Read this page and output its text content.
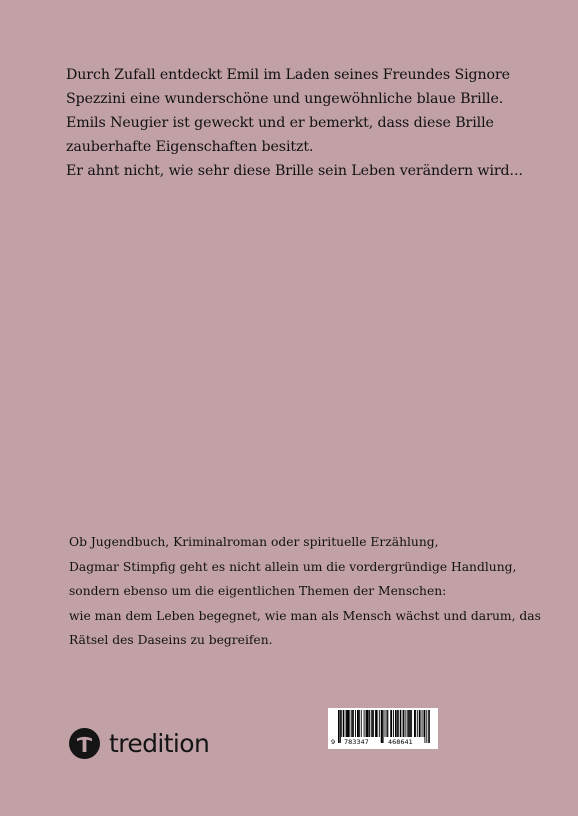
Durch Zufall entdeckt Emil im Laden seines Freundes Signore

Spezzini eine wunderschöne und ungewöhnliche blaue Brille.

Emils Neugier ist geweckt und er bemerkt, dass diese Brille

zauberhafte Eigenschaften besitzt.

Er ahnt nicht, wie sehr diese Brille sein Leben verändern wird...

Ob Jugendbuch, Kriminalroman oder spirituelle Erzählung,

Dagmar Stimpfig geht es nicht allein um die vordergründige Handlung,

sondern ebenso um die eigentlichen Themen der Menschen:

wie man dem Leben begegnet, wie man als Mensch wächst und darum, das

Rätsel des Daseins zu begreifen.

tredition	9 783347	468641
